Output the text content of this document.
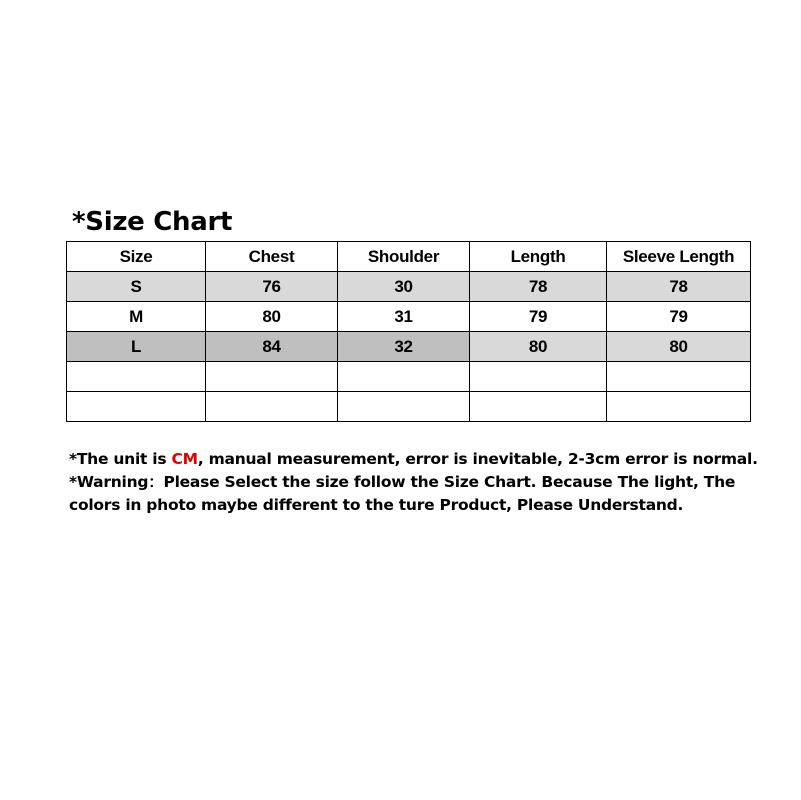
*Size Chart
Size	Chest	Shoulder	Length	Sleeve Length
S	76	30	78	78
M	80	31	79	79
L	84	32	80	80

*The unit is CM, manual measurement, error is inevitable, 2-3cm error is normal.

*Warning：Please Select the size follow the Size Chart. Because The light, The colors in photo maybe different to the ture Product, Please Understand.
